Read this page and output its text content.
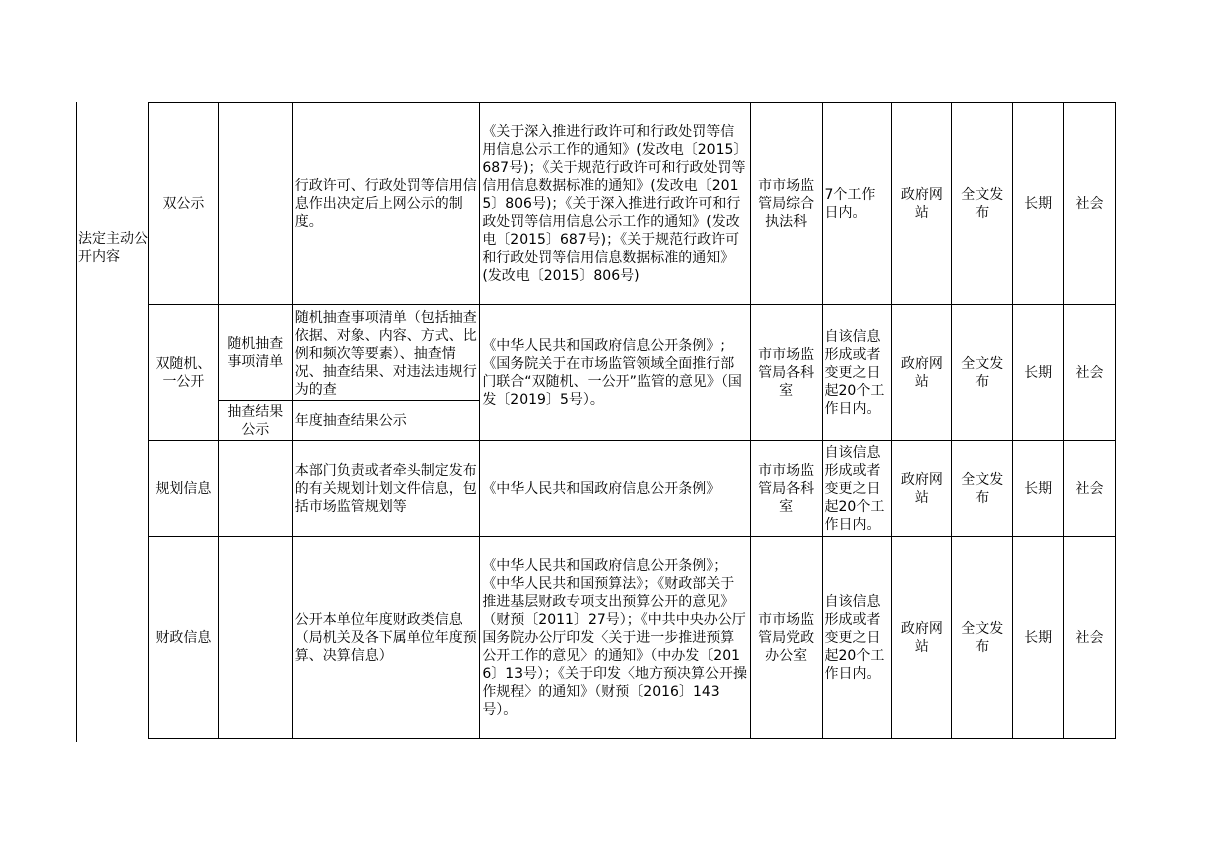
法定主动公开内容
双公示		行政许可、行政处罚等信用信息作出决定后上网公示的制度。	《关于深入推进行政许可和行政处罚等信用信息公示工作的通知》(发改电〔2015〕687号)；《关于规范行政许可和行政处罚等信用信息数据标准的通知》(发改电〔2015〕806号)；《关于深入推进行政许可和行政处罚等信用信息公示工作的通知》(发改电〔2015〕687号)；《关于规范行政许可和行政处罚等信用信息数据标准的通知》(发改电〔2015〕806号)	市市场监管局综合执法科	7个工作日内。	政府网站	全文发布	长期	社会
双随机、一公开	随机抽查事项清单	随机抽查事项清单（包括抽查依据、对象、内容、方式、比例和频次等要素）、抽查情况、抽查结果、对违法违规行为的查	《中华人民共和国政府信息公开条例》;《国务院关于在市场监管领域全面推行部门联合“双随机、一公开”监管的意见》（国发〔2019〕5号）。	市市场监管局各科室	自该信息形成或者变更之日起20个工作日内。	政府网站	全文发布	长期	社会
	抽查结果公示	年度抽查结果公示							
规划信息		本部门负责或者牵头制定发布的有关规划计划文件信息，包括市场监管规划等	《中华人民共和国政府信息公开条例》	市市场监管局各科室	自该信息形成或者变更之日起20个工作日内。	政府网站	全文发布	长期	社会
财政信息		公开本单位年度财政类信息（局机关及各下属单位年度预算、决算信息）	《中华人民共和国政府信息公开条例》；《中华人民共和国预算法》；《财政部关于推进基层财政专项支出预算公开的意见》（财预〔2011〕27号）；《中共中央办公厅国务院办公厅印发〈关于进一步推进预算公开工作的意见〉的通知》（中办发〔2016〕13号）；《关于印发〈地方预决算公开操作规程〉的通知》（财预〔2016〕143号）。	市市场监管局党政办公室	自该信息形成或者变更之日起20个工作日内。	政府网站	全文发布	长期	社会
